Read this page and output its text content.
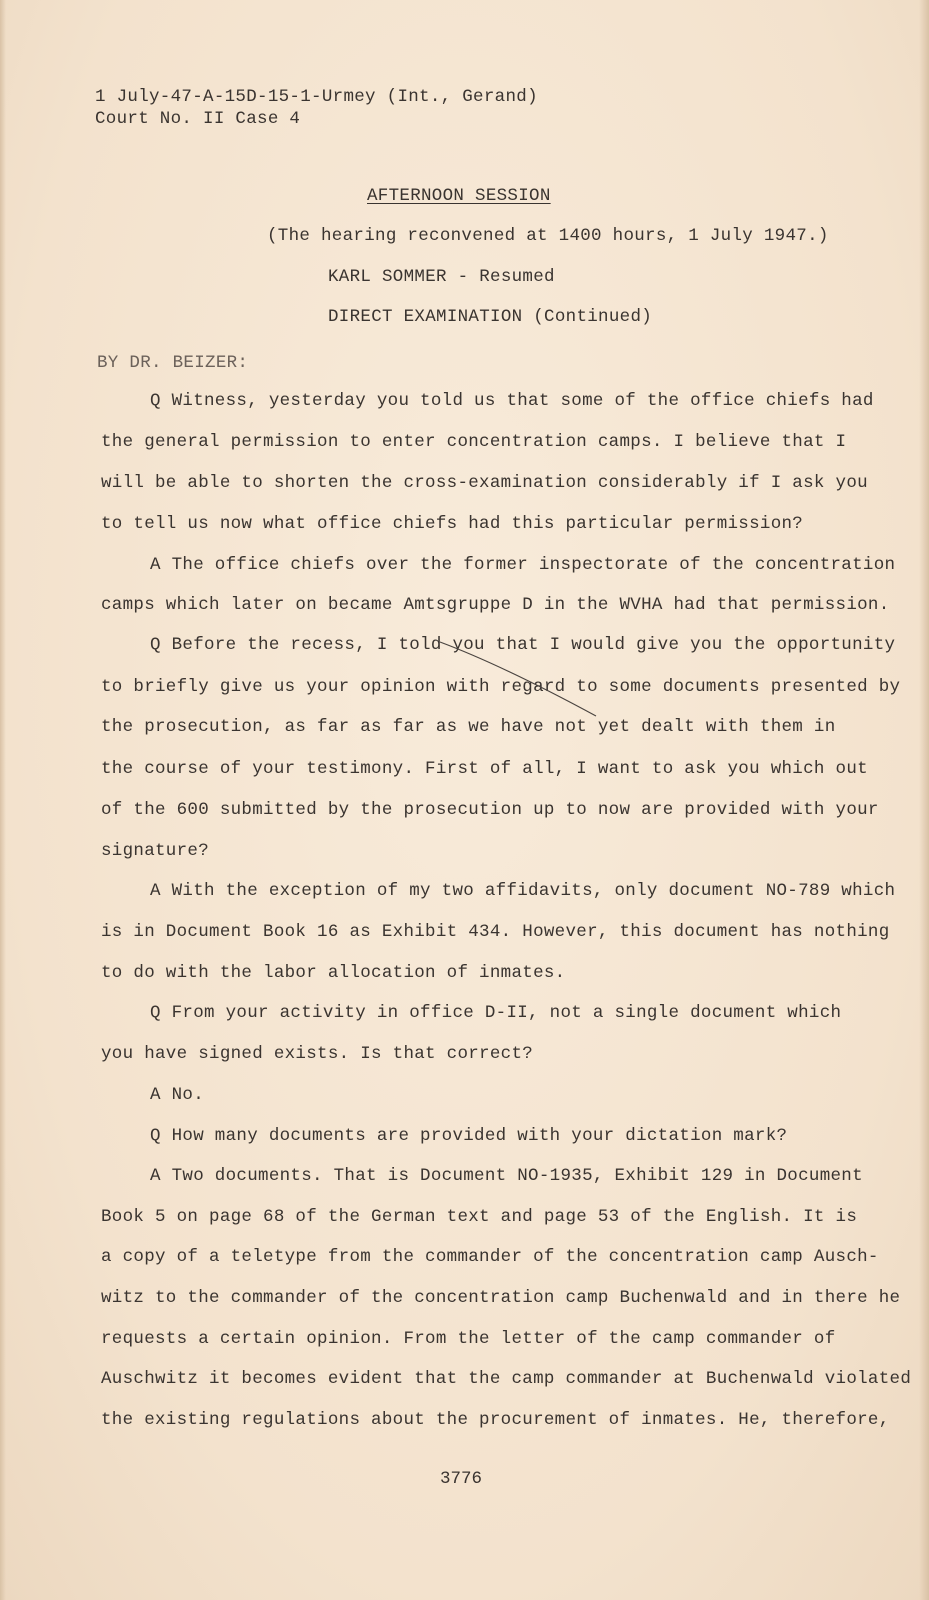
1 July-47-A-15D-15-1-Urmey (Int., Gerand)
Court No. II Case 4
AFTERNOON SESSION
(The hearing reconvened at 1400 hours, 1 July 1947.)
KARL SOMMER - Resumed
DIRECT EXAMINATION (Continued)
BY DR. BEIZER:
Q Witness, yesterday you told us that some of the office chiefs had
the general permission to enter concentration camps. I believe that I
will be able to shorten the cross-examination considerably if I ask you
to tell us now what office chiefs had this particular permission?
A The office chiefs over the former inspectorate of the concentration
camps which later on became Amtsgruppe D in the WVHA had that permission.
Q Before the recess, I told you that I would give you the opportunity
to briefly give us your opinion with regard to some documents presented by
the prosecution, as far as far as we have not yet dealt with them in
the course of your testimony. First of all, I want to ask you which out
of the 600 submitted by the prosecution up to now are provided with your
signature?
A With the exception of my two affidavits, only document NO-789 which
is in Document Book 16 as Exhibit 434. However, this document has nothing
to do with the labor allocation of inmates.
Q From your activity in office D-II, not a single document which
you have signed exists. Is that correct?
A No.
Q How many documents are provided with your dictation mark?
A Two documents. That is Document NO-1935, Exhibit 129 in Document
Book 5 on page 68 of the German text and page 53 of the English. It is
a copy of a teletype from the commander of the concentration camp Ausch-
witz to the commander of the concentration camp Buchenwald and in there he
requests a certain opinion. From the letter of the camp commander of
Auschwitz it becomes evident that the camp commander at Buchenwald violated
the existing regulations about the procurement of inmates. He, therefore,
3776
